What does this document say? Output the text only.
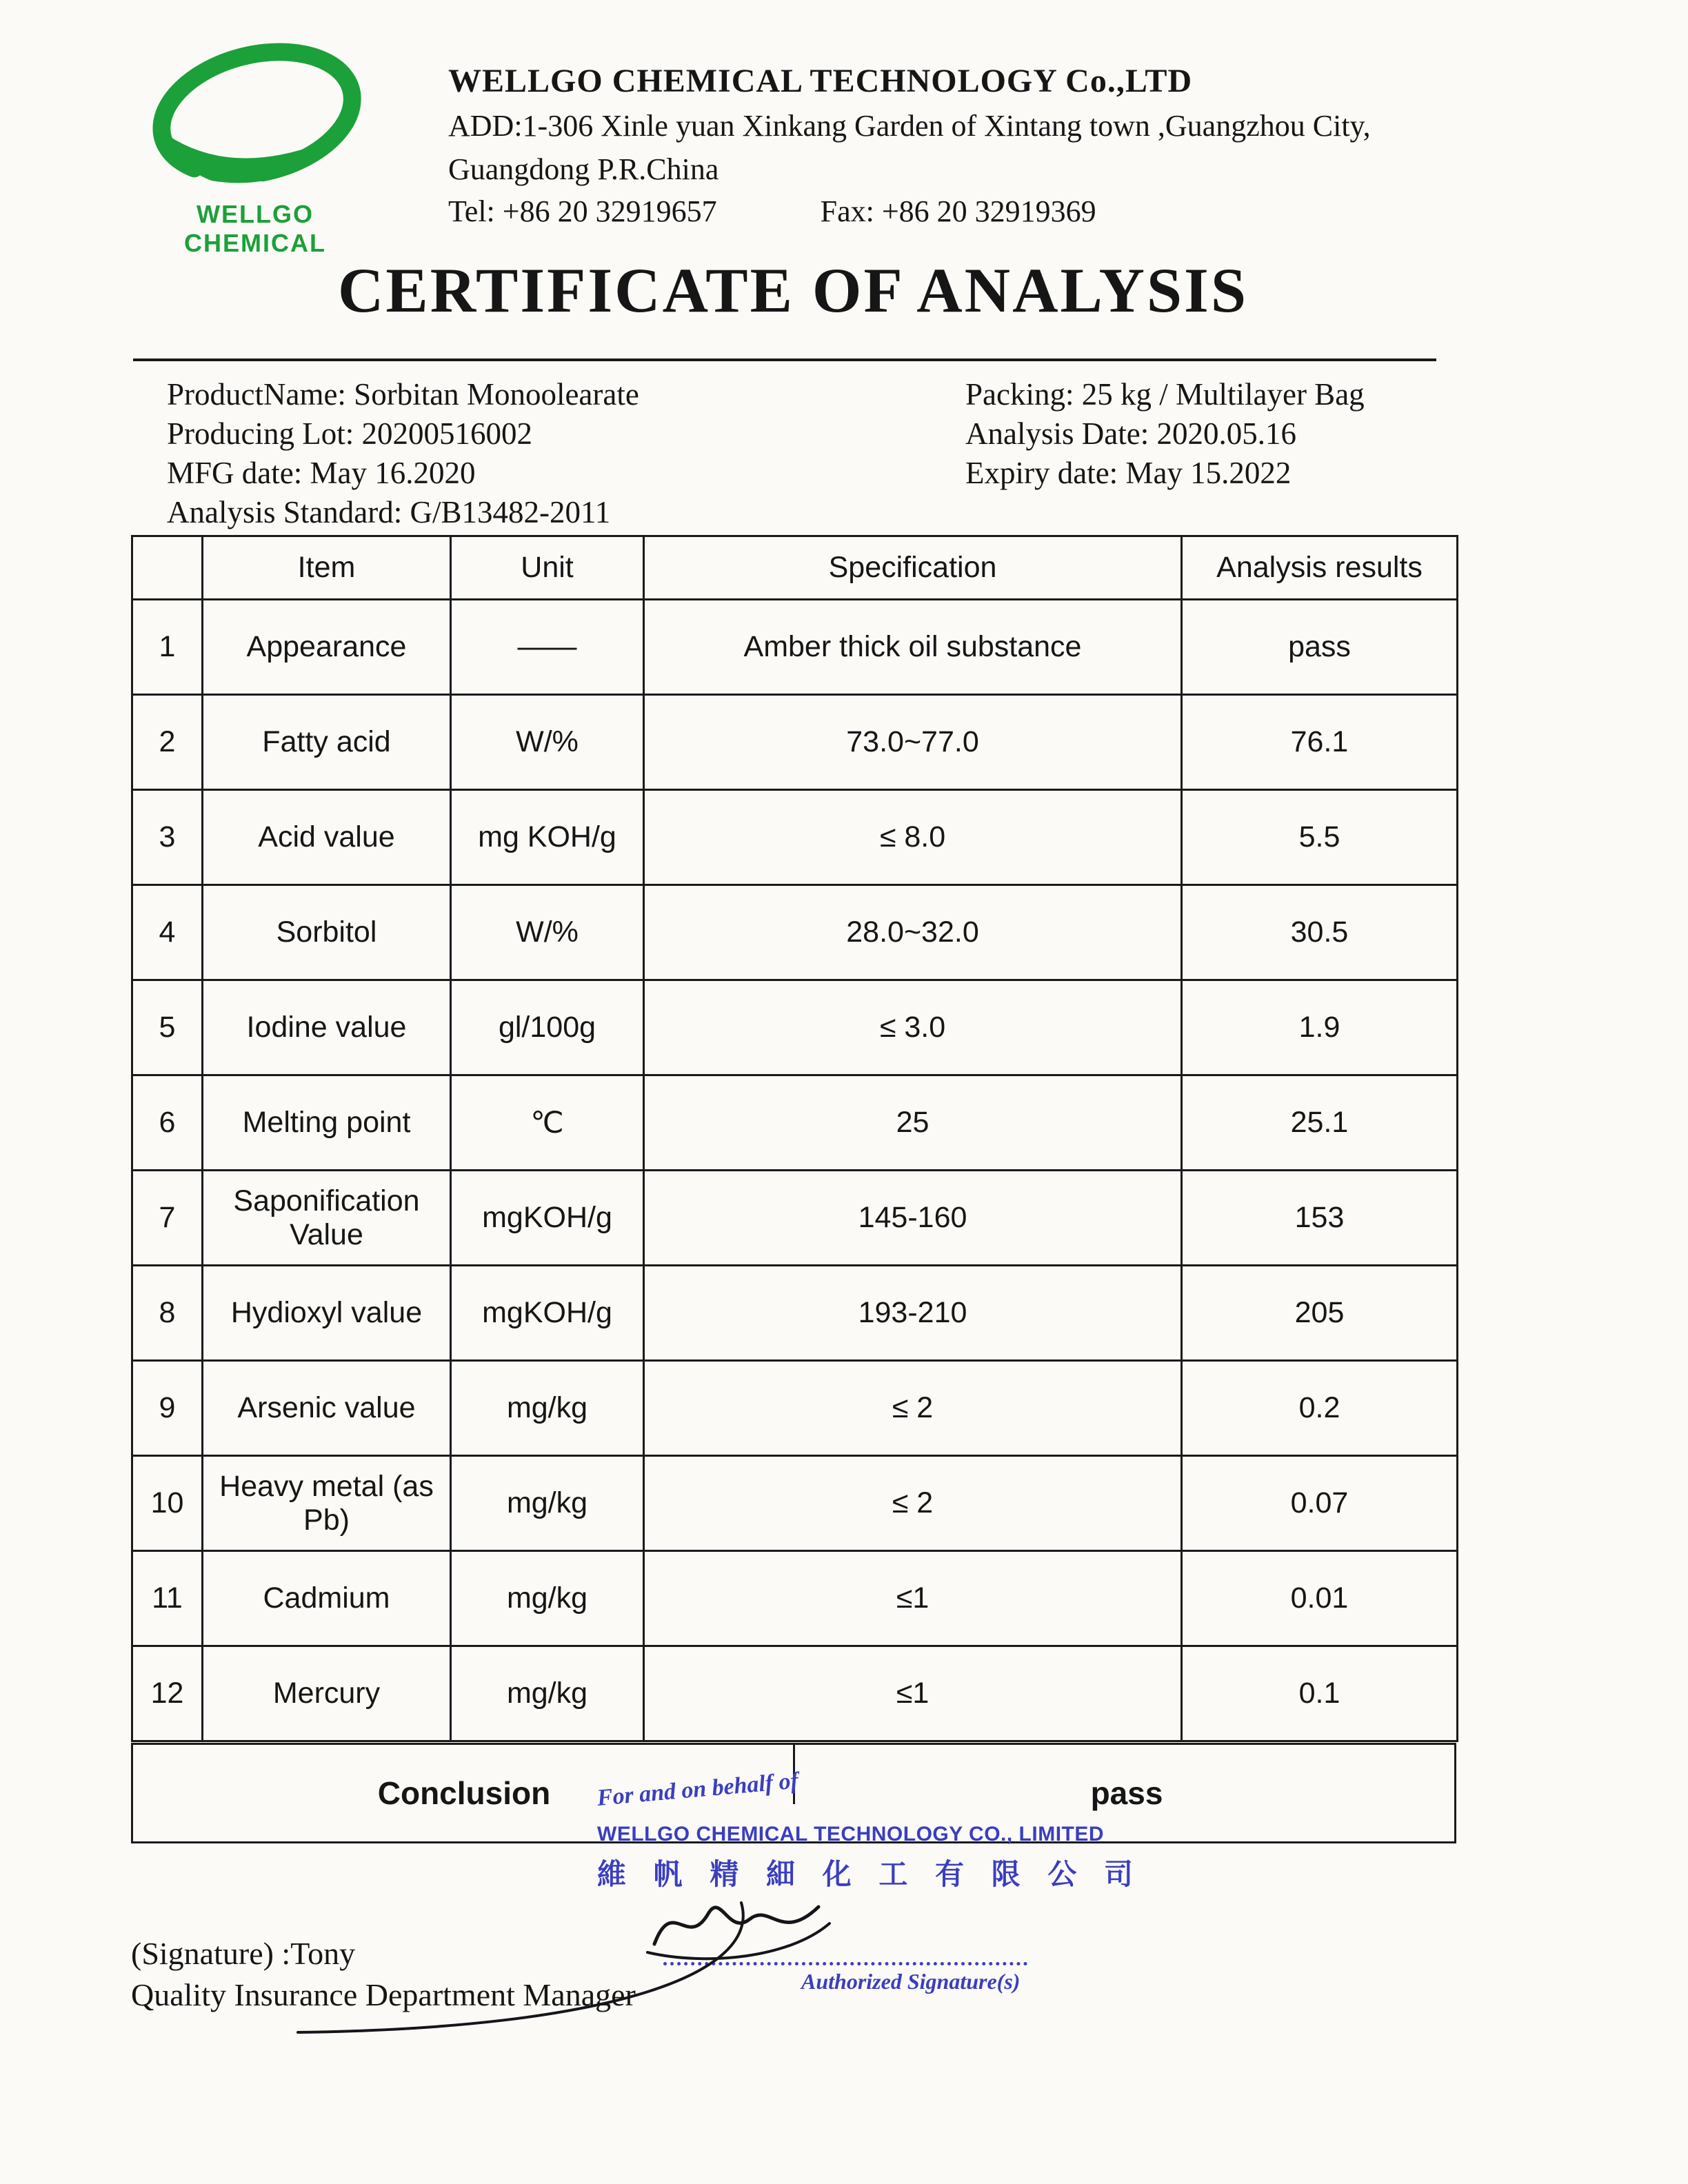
WELLGO CHEMICAL
WELLGO CHEMICAL TECHNOLOGY Co.,LTD
ADD:1-306 Xinle yuan Xinkang Garden of Xintang town ,Guangzhou City,
Guangdong P.R.China
Tel: +86 20 32919657	Fax: +86 20 32919369
CERTIFICATE OF ANALYSIS
ProductName: Sorbitan Monoolearate
Producing Lot: 20200516002
MFG date: May 16.2020
Analysis Standard: G/B13482-2011
Packing: 25 kg / Multilayer Bag
Analysis Date: 2020.05.16
Expiry date: May 15.2022
	Item	Unit	Specification	Analysis results
1	Appearance	——	Amber thick oil substance	pass
2	Fatty acid	W/%	73.0~77.0	76.1
3	Acid value	mg KOH/g	≤ 8.0	5.5
4	Sorbitol	W/%	28.0~32.0	30.5
5	Iodine value	gl/100g	≤ 3.0	1.9
6	Melting point	℃	25	25.1
7	Saponification Value	mgKOH/g	145-160	153
8	Hydioxyl value	mgKOH/g	193-210	205
9	Arsenic value	mg/kg	≤ 2	0.2
10	Heavy metal (as Pb)	mg/kg	≤ 2	0.07
11	Cadmium	mg/kg	≤1	0.01
12	Mercury	mg/kg	≤1	0.1
Conclusion	pass
For and on behalf of
WELLGO CHEMICAL TECHNOLOGY CO., LIMITED
維 帆 精 細 化 工 有 限 公 司
Authorized Signature(s)
(Signature) :Tony
Quality Insurance Department Manager
